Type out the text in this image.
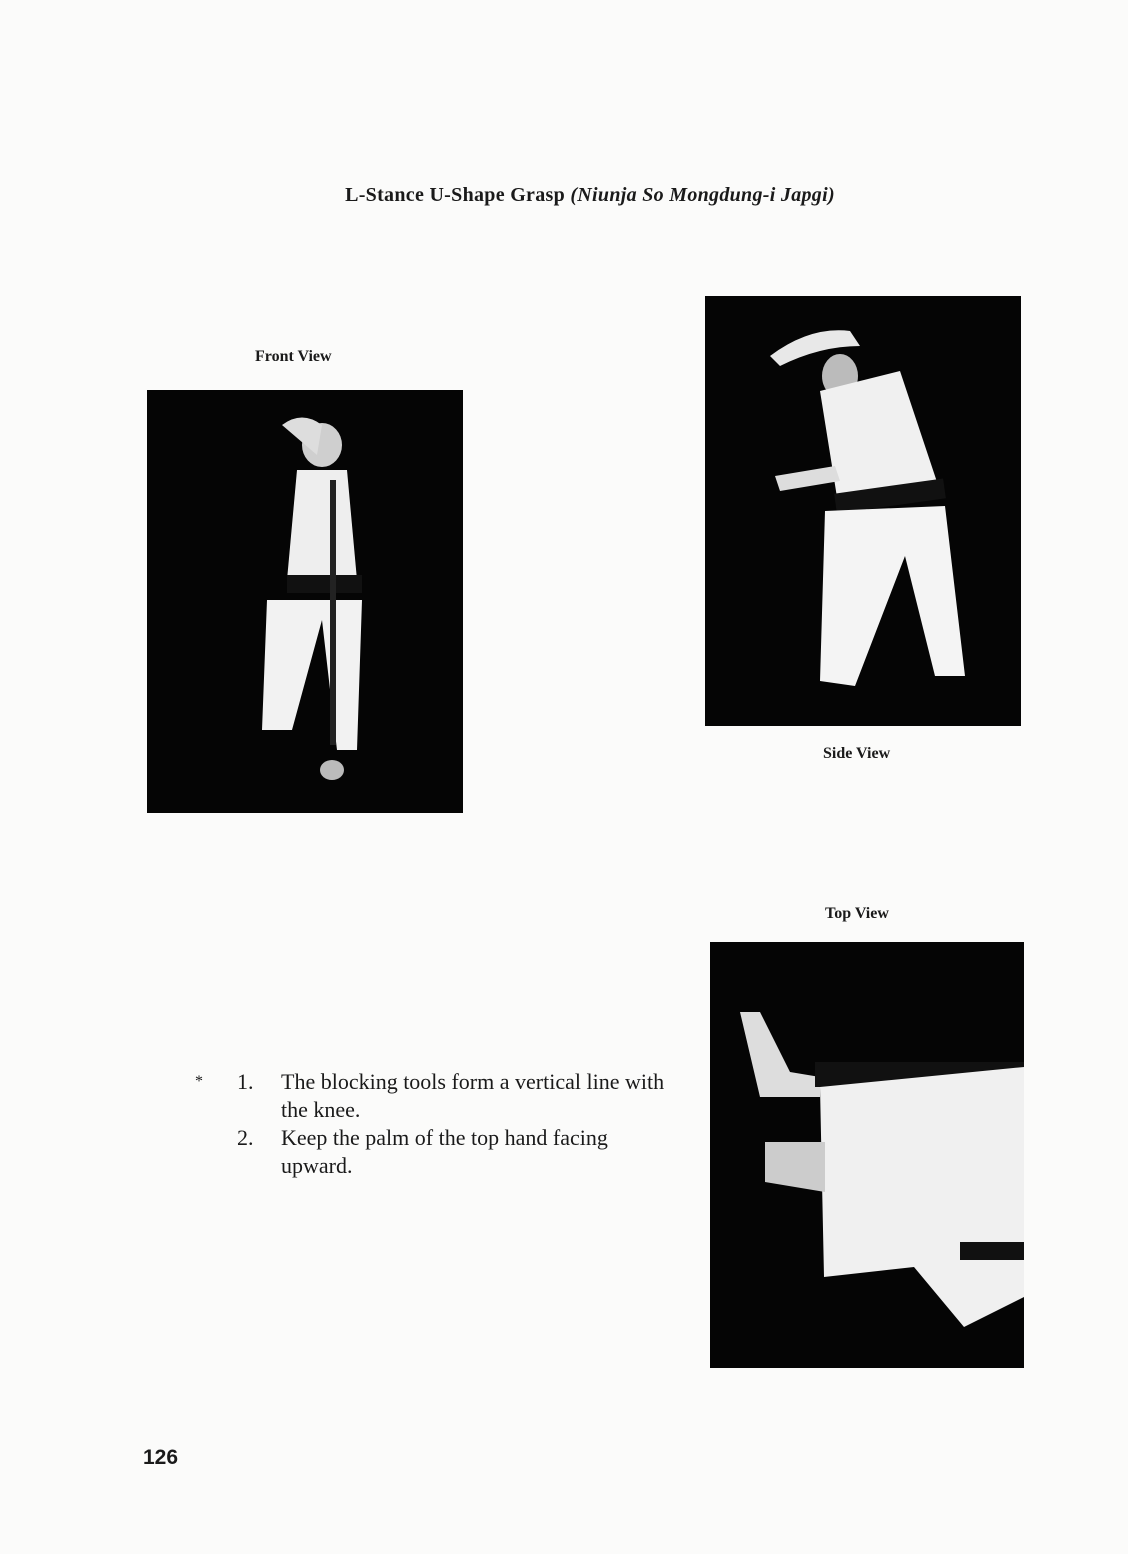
L-Stance U-Shape Grasp (Niunja So Mongdung-i Japgi)
Front View
Side View
Top View
*	1.	The blocking tools form a vertical line with the knee.
2.	Keep the palm of the top hand facing upward.
126
